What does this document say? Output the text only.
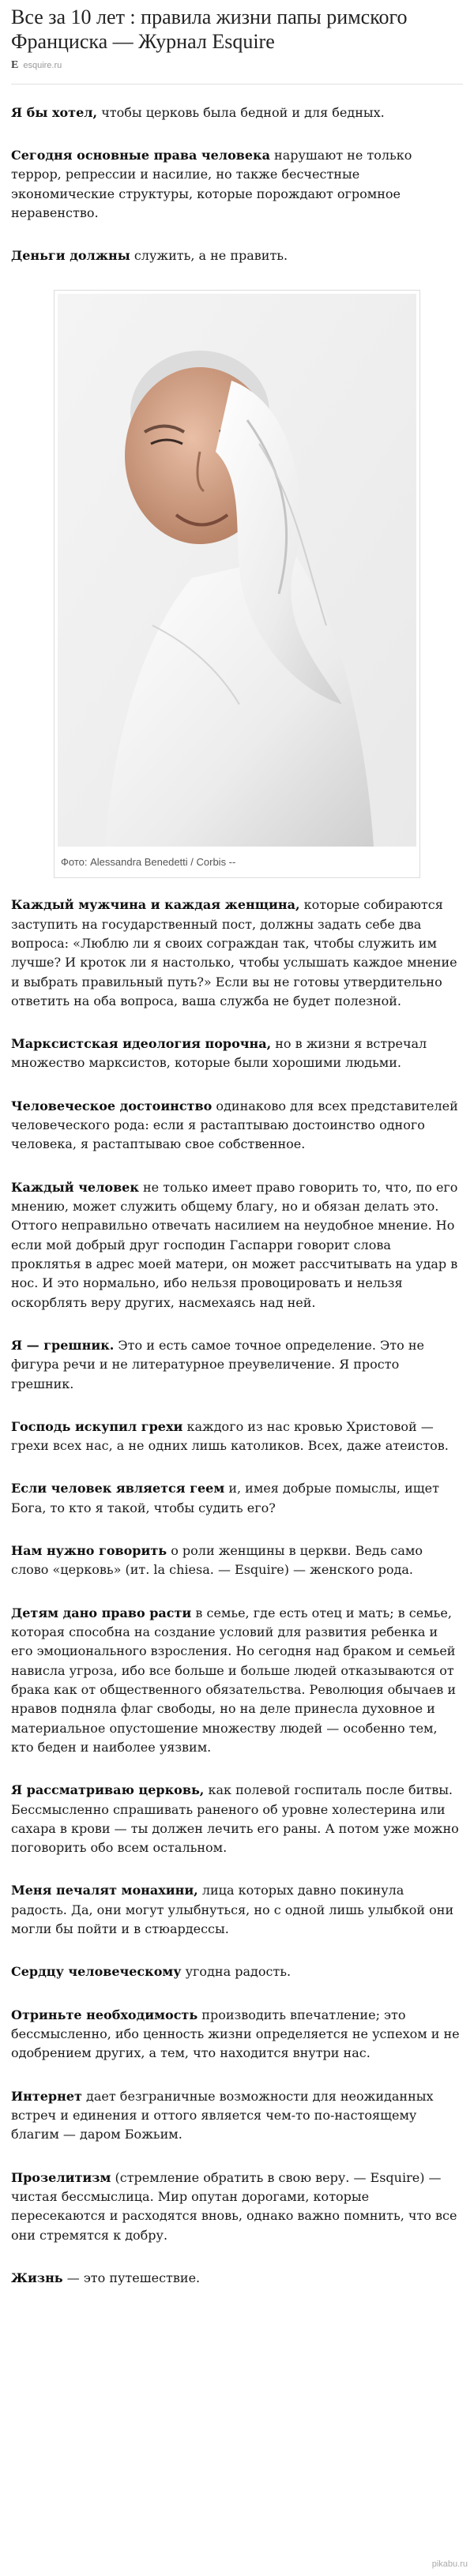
Все за 10 лет : правила жизни папы римского Франциска — Журнал Esquire
E esquire.ru

Я бы хотел, чтобы церковь была бедной и для бедных.

Сегодня основные права человека нарушают не только террор, репрессии и насилие, но также бесчестные экономические структуры, которые порождают огромное неравенство.

Деньги должны служить, а не править.

Фото: Alessandra Benedetti / Corbis --

Каждый мужчина и каждая женщина, которые собираются заступить на государственный пост, должны задать себе два вопроса: «Люблю ли я своих сограждан так, чтобы служить им лучше? И кроток ли я настолько, чтобы услышать каждое мнение и выбрать правильный путь?» Если вы не готовы утвердительно ответить на оба вопроса, ваша служба не будет полезной.

Марксистская идеология порочна, но в жизни я встречал множество марксистов, которые были хорошими людьми.

Человеческое достоинство одинаково для всех представителей человеческого рода: если я растаптываю достоинство одного человека, я растаптываю свое собственное.

Каждый человек не только имеет право говорить то, что, по его мнению, может служить общему благу, но и обязан делать это. Оттого неправильно отвечать насилием на неудобное мнение. Но если мой добрый друг господин Гаспарри говорит слова проклятья в адрес моей матери, он может рассчитывать на удар в нос. И это нормально, ибо нельзя провоцировать и нельзя оскорблять веру других, насмехаясь над ней.

Я — грешник. Это и есть самое точное определение. Это не фигура речи и не литературное преувеличение. Я просто грешник.

Господь искупил грехи каждого из нас кровью Христовой — грехи всех нас, а не одних лишь католиков. Всех, даже атеистов.

Если человек является геем и, имея добрые помыслы, ищет Бога, то кто я такой, чтобы судить его?

Нам нужно говорить о роли женщины в церкви. Ведь само слово «церковь» (ит. la chiesa. — Esquire) — женского рода.

Детям дано право расти в семье, где есть отец и мать; в семье, которая способна на создание условий для развития ребенка и его эмоционального взросления. Но сегодня над браком и семьей нависла угроза, ибо все больше и больше людей отказываются от брака как от общественного обязательства. Революция обычаев и нравов подняла флаг свободы, но на деле принесла духовное и материальное опустошение множеству людей — особенно тем, кто беден и наиболее уязвим.

Я рассматриваю церковь, как полевой госпиталь после битвы. Бессмысленно спрашивать раненого об уровне холестерина или сахара в крови — ты должен лечить его раны. А потом уже можно поговорить обо всем остальном.

Меня печалят монахини, лица которых давно покинула радость. Да, они могут улыбнуться, но с одной лишь улыбкой они могли бы пойти и в стюардессы.

Сердцу человеческому угодна радость.

Отриньте необходимость производить впечатление; это бессмысленно, ибо ценность жизни определяется не успехом и не одобрением других, а тем, что находится внутри нас.

Интернет дает безграничные возможности для неожиданных встреч и единения и оттого является чем-то по-настоящему благим — даром Божьим.

Прозелитизм (стремление обратить в свою веру. — Esquire) — чистая бессмыслица. Мир опутан дорогами, которые пересекаются и расходятся вновь, однако важно помнить, что все они стремятся к добру.

Жизнь — это путешествие.

pikabu.ru
